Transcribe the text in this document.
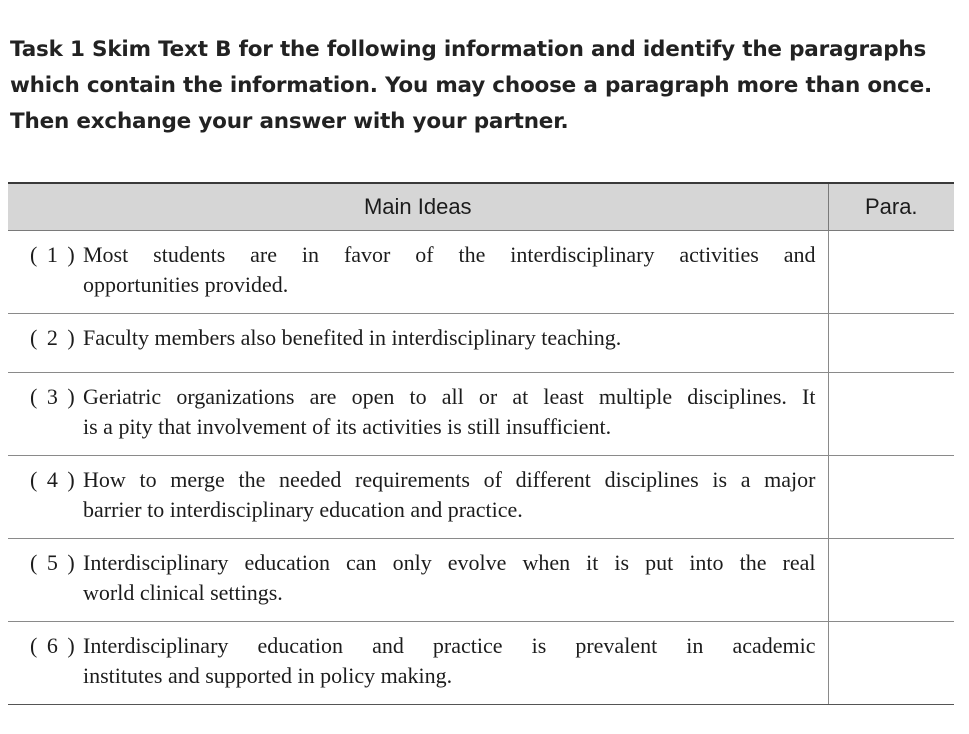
Task 1 Skim Text B for the following information and identify the paragraphs
which contain the information. You may choose a paragraph more than once.
Then exchange your answer with your partner.
Main Ideas	Para.

( 1 ) Most students are in favor of the interdisciplinary activities and
opportunities provided.	

( 2 ) Faculty members also benefited in interdisciplinary teaching.	

( 3 ) Geriatric organizations are open to all or at least multiple disciplines. It
is a pity that involvement of its activities is still insufficient.	

( 4 ) How to merge the needed requirements of different disciplines is a major
barrier to interdisciplinary education and practice.	

( 5 ) Interdisciplinary education can only evolve when it is put into the real
world clinical settings.	

( 6 ) Interdisciplinary education and practice is prevalent in academic
institutes and supported in policy making.	
